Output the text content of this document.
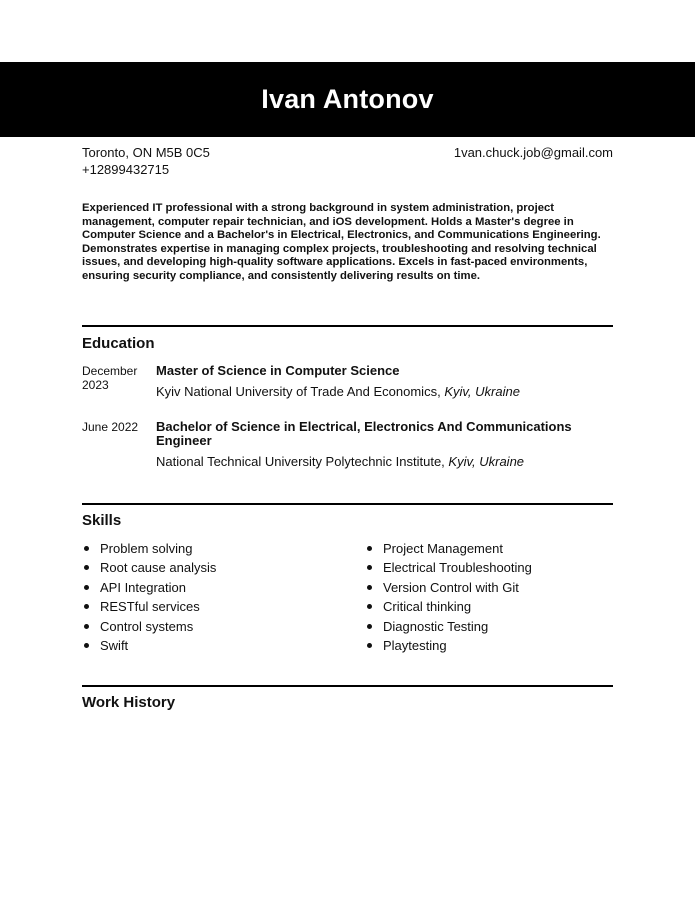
Ivan Antonov
Toronto, ON M5B 0C5
+12899432715
1van.chuck.job@gmail.com

Experienced IT professional with a strong background in system administration, project management, computer repair technician, and iOS development. Holds a Master's degree in Computer Science and a Bachelor's in Electrical, Electronics, and Communications Engineering. Demonstrates expertise in managing complex projects, troubleshooting and resolving technical issues, and developing high-quality software applications. Excels in fast-paced environments, ensuring security compliance, and consistently delivering results on time.

Education
December 2023

Master of Science in Computer Science

Kyiv National University of Trade And Economics, Kyiv, Ukraine
June 2022 Bachelor of Science in Electrical, Electronics And Communications Engineer

National Technical University Polytechnic Institute, Kyiv, Ukraine
Skills
Problem solving
Root cause analysis
API Integration
RESTful services
Control systems
Swift
Project Management
Electrical Troubleshooting
Version Control with Git
Critical thinking
Diagnostic Testing
Playtesting
Work History
